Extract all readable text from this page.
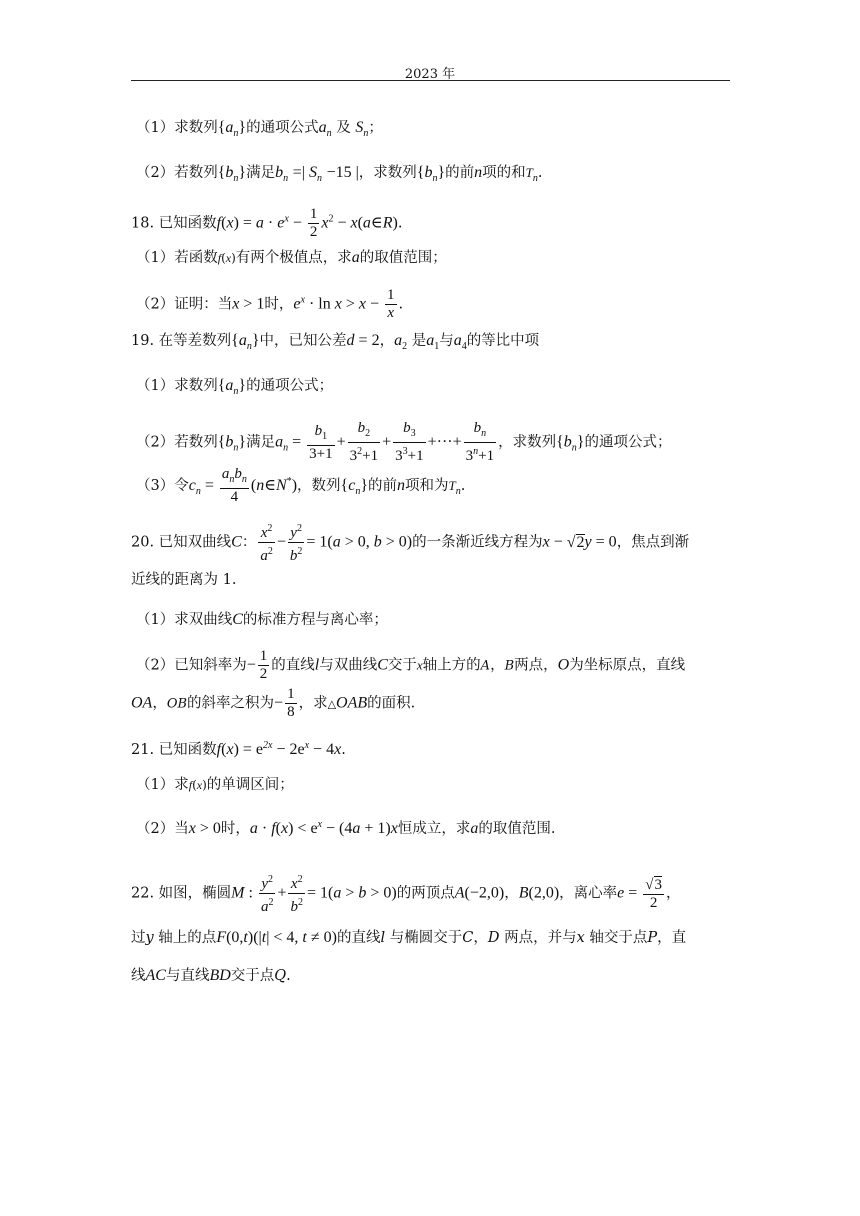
2023 年
（1）求数列$\{a_n\}$的通项公式$a_n$ 及 $S_n$；
（2）若数列$\{b_n\}$满足$b_n$ =| $S_n -15$ |，求数列$\{b_n\}$的前n项的和$T_n$.
18. 已知函数$f(x) = a \cdot e^x - \frac{1}{2} x^2$ − x(a∈R).
（1）若函数f(x)有两个极值点，求a的取值范围；
（2）证明：当x > 1时，$e^x \cdot \ln x > x - \frac{1}{x}$ .
19. 在等差数列$\{a_n\}$中，已知公差d = 2，$a_2$ 是$a_1$与$a_4$的等比中项
（1）求数列$\{a_n\}$的通项公式；
（2）若数列$\{b_n\}$满足$a_n = \frac{b_1}{3+1} + \frac{b_2}{3^2+1} + \frac{b_3}{3^3+1}$ +···+ $\frac{b_n}{3^n+1}$ ，求数列$\{b_n\}$的通项公式；
（3）令$c_n = \frac{a_nb_n}{4}$ (n∈N*)，数列$\{c_n\}$的前n项和为$T_n$.
20. 已知双曲线C： $\frac{x^2}{a^2} - \frac{y^2}{b^2} = 1(a > 0$, b > 0)的一条渐近线方程为x − √2y = 0，焦点到渐
近线的距离为 1.
（1）求双曲线C的标准方程与离心率；
（2）已知斜率为− $\frac{1}{2}$ 的直线l与双曲线C交于x轴上方的A，B两点，O为坐标原点，直线
OA，OB的斜率之积为− $\frac{1}{8}$ ，求△OAB的面积.
21. 已知函数$f(x) = e^{2x} - 2e^x - 4x$.
（1）求f(x)的单调区间；
（2）当x > 0时，$a \cdot f(x) < e^x - (4a + 1)x$恒成立，求a的取值范围.
22. 如图，椭圆M : $\frac{y^2}{a^2} + \frac{x^2}{b^2} = 1(a > b > 0)$的两顶点A(−2,0)，B(2,0)，离心率$e = \frac{√3}{2}$ ，
过y 轴上的点F(0,t)(|t| < 4, t ≠ 0)的直线l 与椭圆交于C，D 两点，并与x 轴交于点P，直
线AC与直线BD交于点Q.
